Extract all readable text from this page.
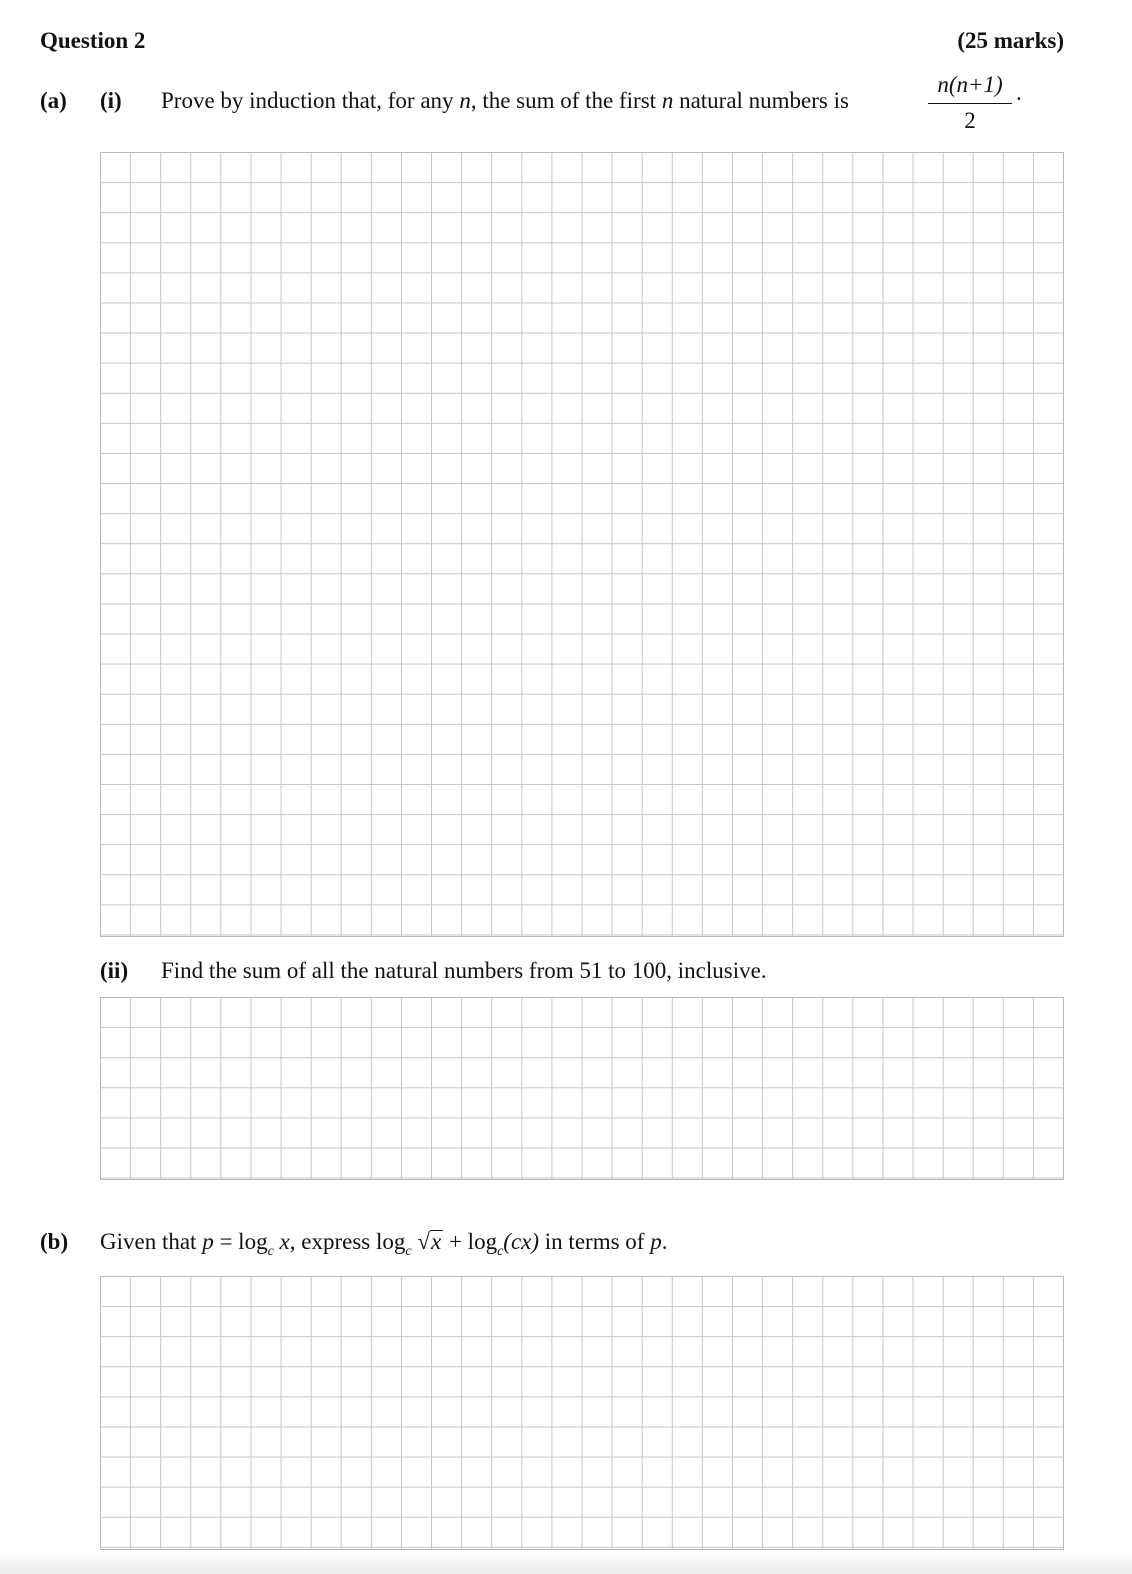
Question 2	(25 marks)
(a) (i) Prove by induction that, for any n, the sum of the first n natural numbers is
n(n+1)
2
.
(ii) Find the sum of all the natural numbers from 51 to 100, inclusive.
(b) Given that $p = \log_c x$, express $\log_c √x + \log_c(cx)$ in terms of p.
